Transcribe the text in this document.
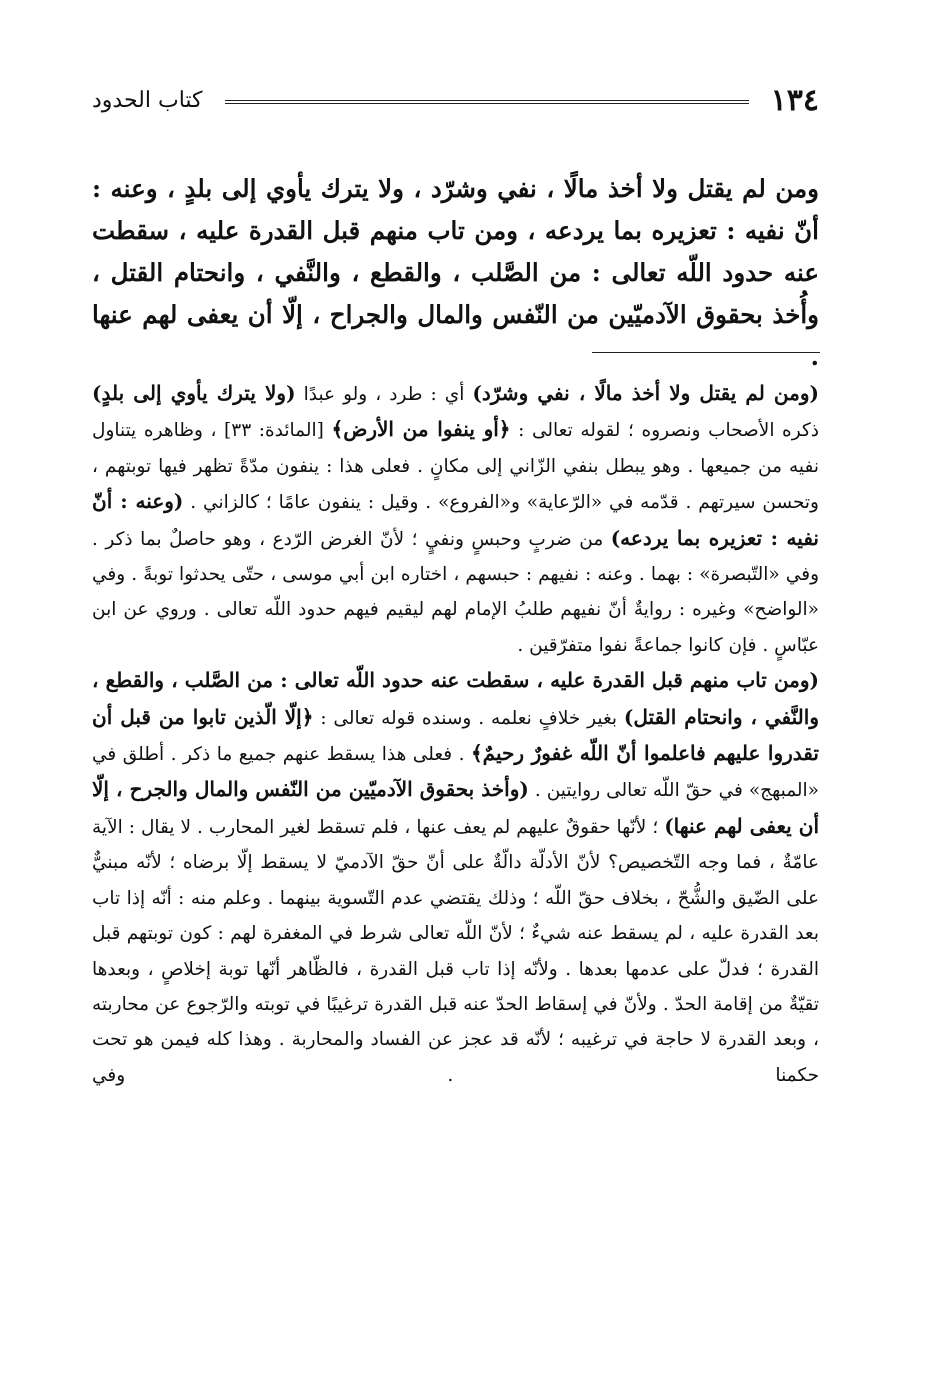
١٣٤
كتاب الحدود
ومن لم يقتل ولا أخذ مالًا ، نفي وشرّد ، ولا يترك يأوي إلى بلدٍ ، وعنه : أنّ نفيه : تعزيره بما يردعه ، ومن تاب منهم قبل القدرة عليه ، سقطت عنه حدود اللّه تعالى : من الصَّلب ، والقطع ، والنَّفي ، وانحتام القتل ، وأُخذ بحقوق الآدميّين من النّفس والمال والجراح ، إلّا أن يعفى لهم عنها .

(ومن لم يقتل ولا أخذ مالًا ، نفي وشرّد) أي : طرد ، ولو عبدًا (ولا يترك يأوي إلى بلدٍ) ذكره الأصحاب ونصروه ؛ لقوله تعالى : ﴿أو ينفوا من الأرض﴾ [المائدة: ٣٣] ، وظاهره يتناول نفيه من جميعها . وهو يبطل بنفي الزّاني إلى مكانٍ . فعلى هذا : ينفون مدّةً تظهر فيها توبتهم ، وتحسن سيرتهم . قدّمه في «الرّعاية» و«الفروع» . وقيل : ينفون عامًا ؛ كالزاني . (وعنه : أنّ نفيه : تعزيره بما يردعه) من ضربٍ وحبسٍ ونفيٍ ؛ لأنّ الغرض الرّدع ، وهو حاصلٌ بما ذكر . وفي «التّبصرة» : بهما . وعنه : نفيهم : حبسهم ، اختاره ابن أبي موسى ، حتّى يحدثوا توبةً . وفي «الواضح» وغيره : روايةٌ أنّ نفيهم طلبُ الإمام لهم ليقيم فيهم حدود اللّه تعالى . وروي عن ابن عبّاسٍ . فإن كانوا جماعةً نفوا متفرّقين .

(ومن تاب منهم قبل القدرة عليه ، سقطت عنه حدود اللّه تعالى : من الصَّلب ، والقطع ، والنَّفي ، وانحتام القتل) بغير خلافٍ نعلمه . وسنده قوله تعالى : ﴿إلّا الّذين تابوا من قبل أن تقدروا عليهم فاعلموا أنّ اللّه غفورٌ رحيمٌ﴾ . فعلى هذا يسقط عنهم جميع ما ذكر . أطلق في «المبهج» في حقّ اللّه تعالى روايتين . (وأخذ بحقوق الآدميّين من النّفس والمال والجرح ، إلّا أن يعفى لهم عنها) ؛ لأنّها حقوقٌ عليهم لم يعف عنها ، فلم تسقط لغير المحارب . لا يقال : الآية عامّةٌ ، فما وجه التّخصيص؟ لأنّ الأدلّة دالّةٌ على أنّ حقّ الآدميّ لا يسقط إلّا برضاه ؛ لأنّه مبنيٌّ على الضّيق والشُّحّ ، بخلاف حقّ اللّه ؛ وذلك يقتضي عدم التّسوية بينهما . وعلم منه : أنّه إذا تاب بعد القدرة عليه ، لم يسقط عنه شيءٌ ؛ لأنّ اللّه تعالى شرط في المغفرة لهم : كون توبتهم قبل القدرة ؛ فدلّ على عدمها بعدها . ولأنّه إذا تاب قبل القدرة ، فالظّاهر أنّها توبة إخلاصٍ ، وبعدها تقيّةٌ من إقامة الحدّ . ولأنّ في إسقاط الحدّ عنه قبل القدرة ترغيبًا في توبته والرّجوع عن محاربته ، وبعد القدرة لا حاجة في ترغيبه ؛ لأنّه قد عجز عن الفساد والمحاربة . وهذا كله فيمن هو تحت حكمنا . وفي
